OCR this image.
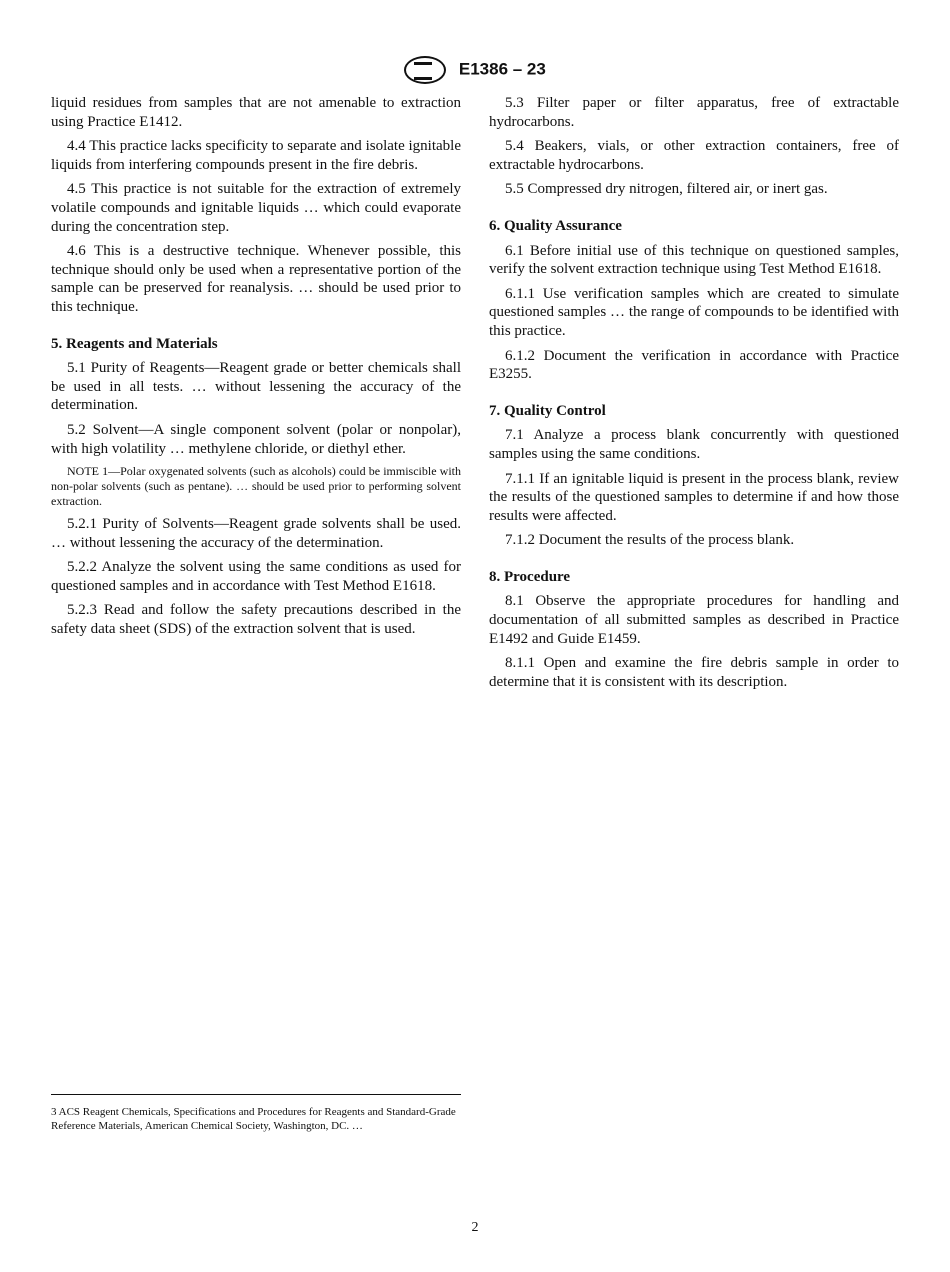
E1386 – 23

liquid residues from samples that are not amenable to extraction using Practice E1412.

4.4 This practice lacks specificity to separate and isolate ignitable liquids from interfering compounds present in the fire debris.

4.5 This practice is not suitable for the extraction of extremely volatile compounds and ignitable liquids … which could evaporate during the concentration step.

4.6 This is a destructive technique. Whenever possible, this technique should only be used when a representative portion of the sample can be preserved for reanalysis. … should be used prior to this technique.

5. Reagents and Materials

5.1 Purity of Reagents—Reagent grade or better chemicals shall be used in all tests. … without lessening the accuracy of the determination.

5.2 Solvent—A single component solvent (polar or nonpolar), with high volatility … methylene chloride, or diethyl ether.

NOTE 1—Polar oxygenated solvents (such as alcohols) could be immiscible with non-polar solvents (such as pentane). … should be used prior to performing solvent extraction.

5.2.1 Purity of Solvents—Reagent grade solvents shall be used. … without lessening the accuracy of the determination.

5.2.2 Analyze the solvent using the same conditions as used for questioned samples and in accordance with Test Method E1618.

5.2.3 Read and follow the safety precautions described in the safety data sheet (SDS) of the extraction solvent that is used.

5.3 Filter paper or filter apparatus, free of extractable hydrocarbons.

5.4 Beakers, vials, or other extraction containers, free of extractable hydrocarbons.

5.5 Compressed dry nitrogen, filtered air, or inert gas.

6. Quality Assurance

6.1 Before initial use of this technique on questioned samples, verify the solvent extraction technique using Test Method E1618.

6.1.1 Use verification samples which are created to simulate questioned samples … the range of compounds to be identified with this practice.

6.1.2 Document the verification in accordance with Practice E3255.

7. Quality Control

7.1 Analyze a process blank concurrently with questioned samples using the same conditions.

7.1.1 If an ignitable liquid is present in the process blank, review the results of the questioned samples to determine if and how those results were affected.

7.1.2 Document the results of the process blank.

8. Procedure

8.1 Observe the appropriate procedures for handling and documentation of all submitted samples as described in Practice E1492 and Guide E1459.

8.1.1 Open and examine the fire debris sample in order to determine that it is consistent with its description.

3 ACS Reagent Chemicals, Specifications and Procedures for Reagents and Standard-Grade Reference Materials, American Chemical Society, Washington, DC. …
2
